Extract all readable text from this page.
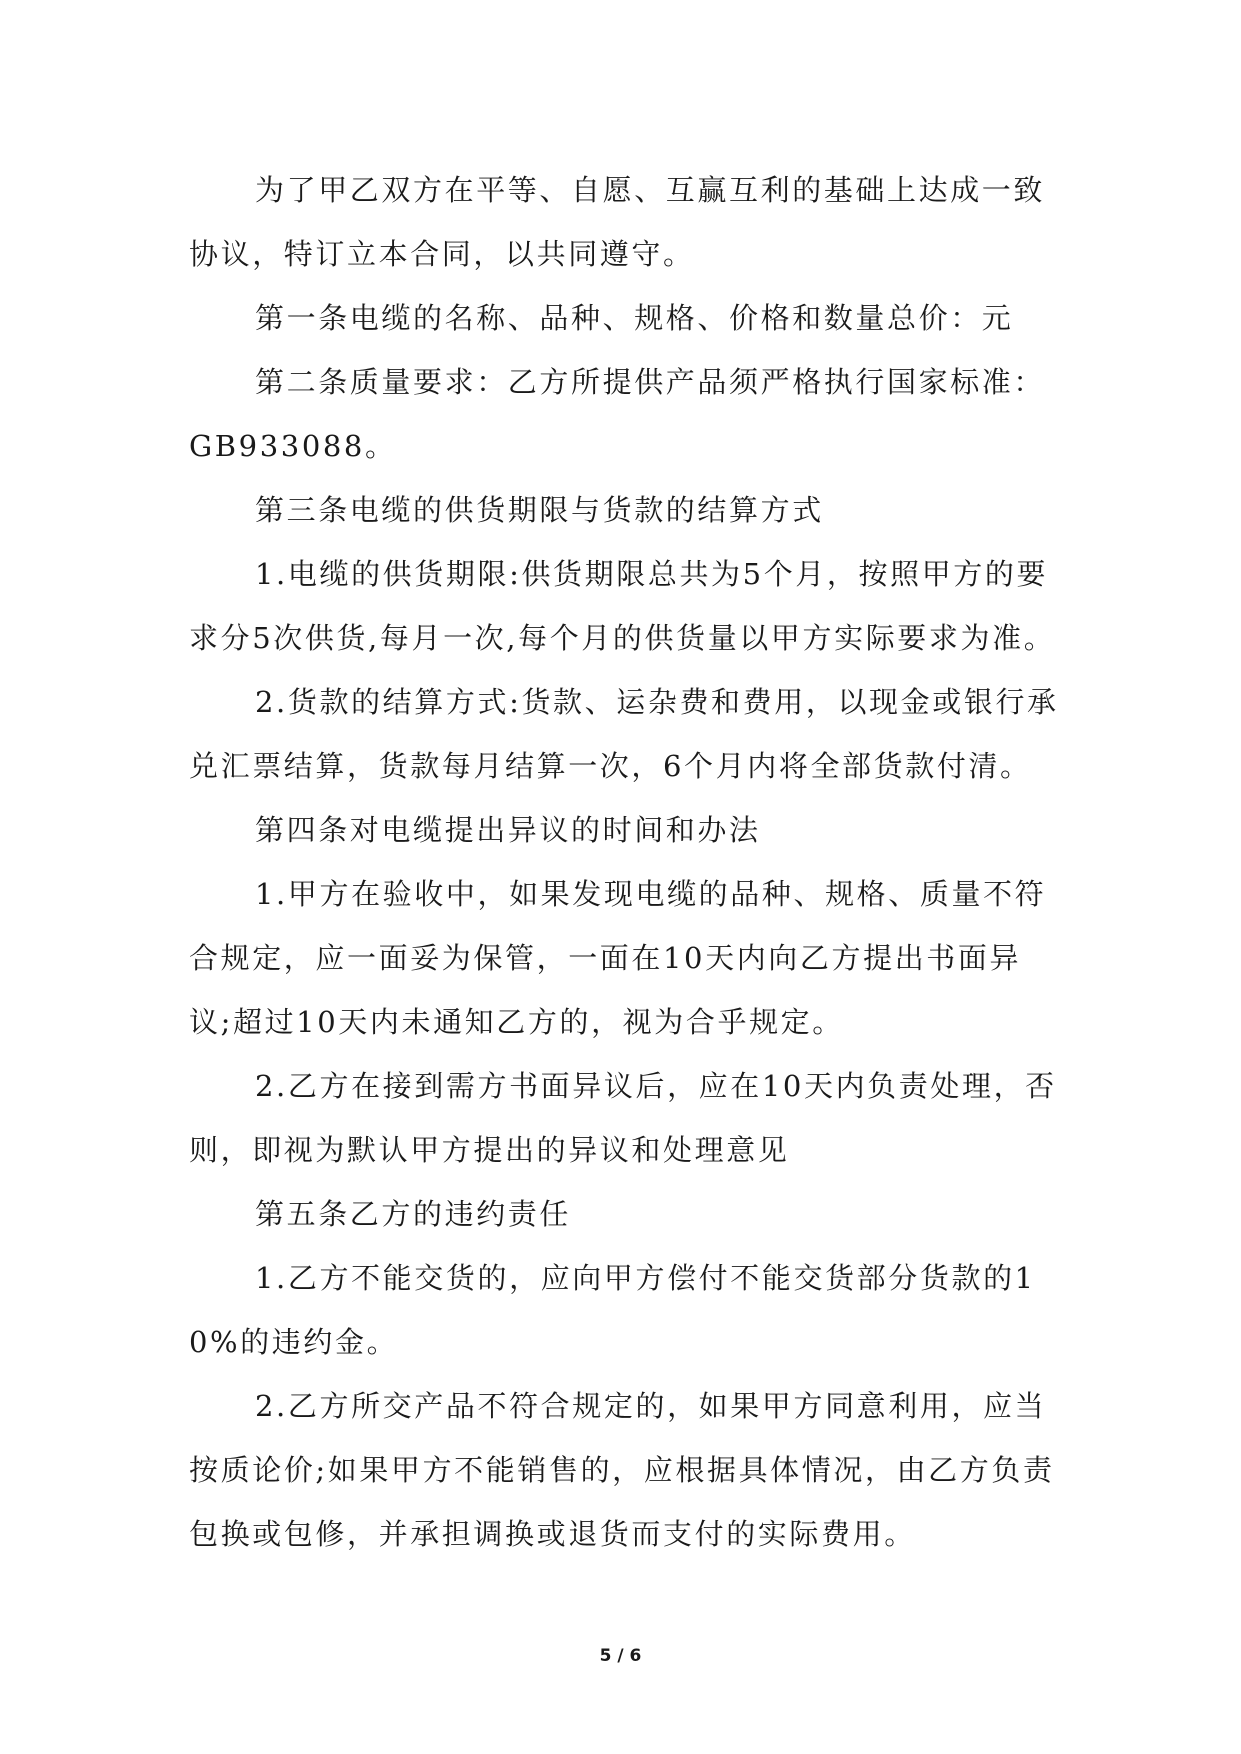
为了甲乙双方在平等、自愿、互赢互利的基础上达成一致协议，特订立本合同，以共同遵守。

第一条电缆的名称、品种、规格、价格和数量总价：元

第二条质量要求：乙方所提供产品须严格执行国家标准：GB933088。

第三条电缆的供货期限与货款的结算方式

1.电缆的供货期限:供货期限总共为5个月，按照甲方的要求分5次供货,每月一次,每个月的供货量以甲方实际要求为准。

2.货款的结算方式:货款、运杂费和费用，以现金或银行承兑汇票结算，货款每月结算一次，6个月内将全部货款付清。

第四条对电缆提出异议的时间和办法

1.甲方在验收中，如果发现电缆的品种、规格、质量不符合规定，应一面妥为保管，一面在10天内向乙方提出书面异议;超过10天内未通知乙方的，视为合乎规定。

2.乙方在接到需方书面异议后，应在10天内负责处理，否则，即视为默认甲方提出的异议和处理意见

第五条乙方的违约责任

1.乙方不能交货的，应向甲方偿付不能交货部分货款的10%的违约金。

2.乙方所交产品不符合规定的，如果甲方同意利用，应当按质论价;如果甲方不能销售的，应根据具体情况，由乙方负责包换或包修，并承担调换或退货而支付的实际费用。

5 / 6
